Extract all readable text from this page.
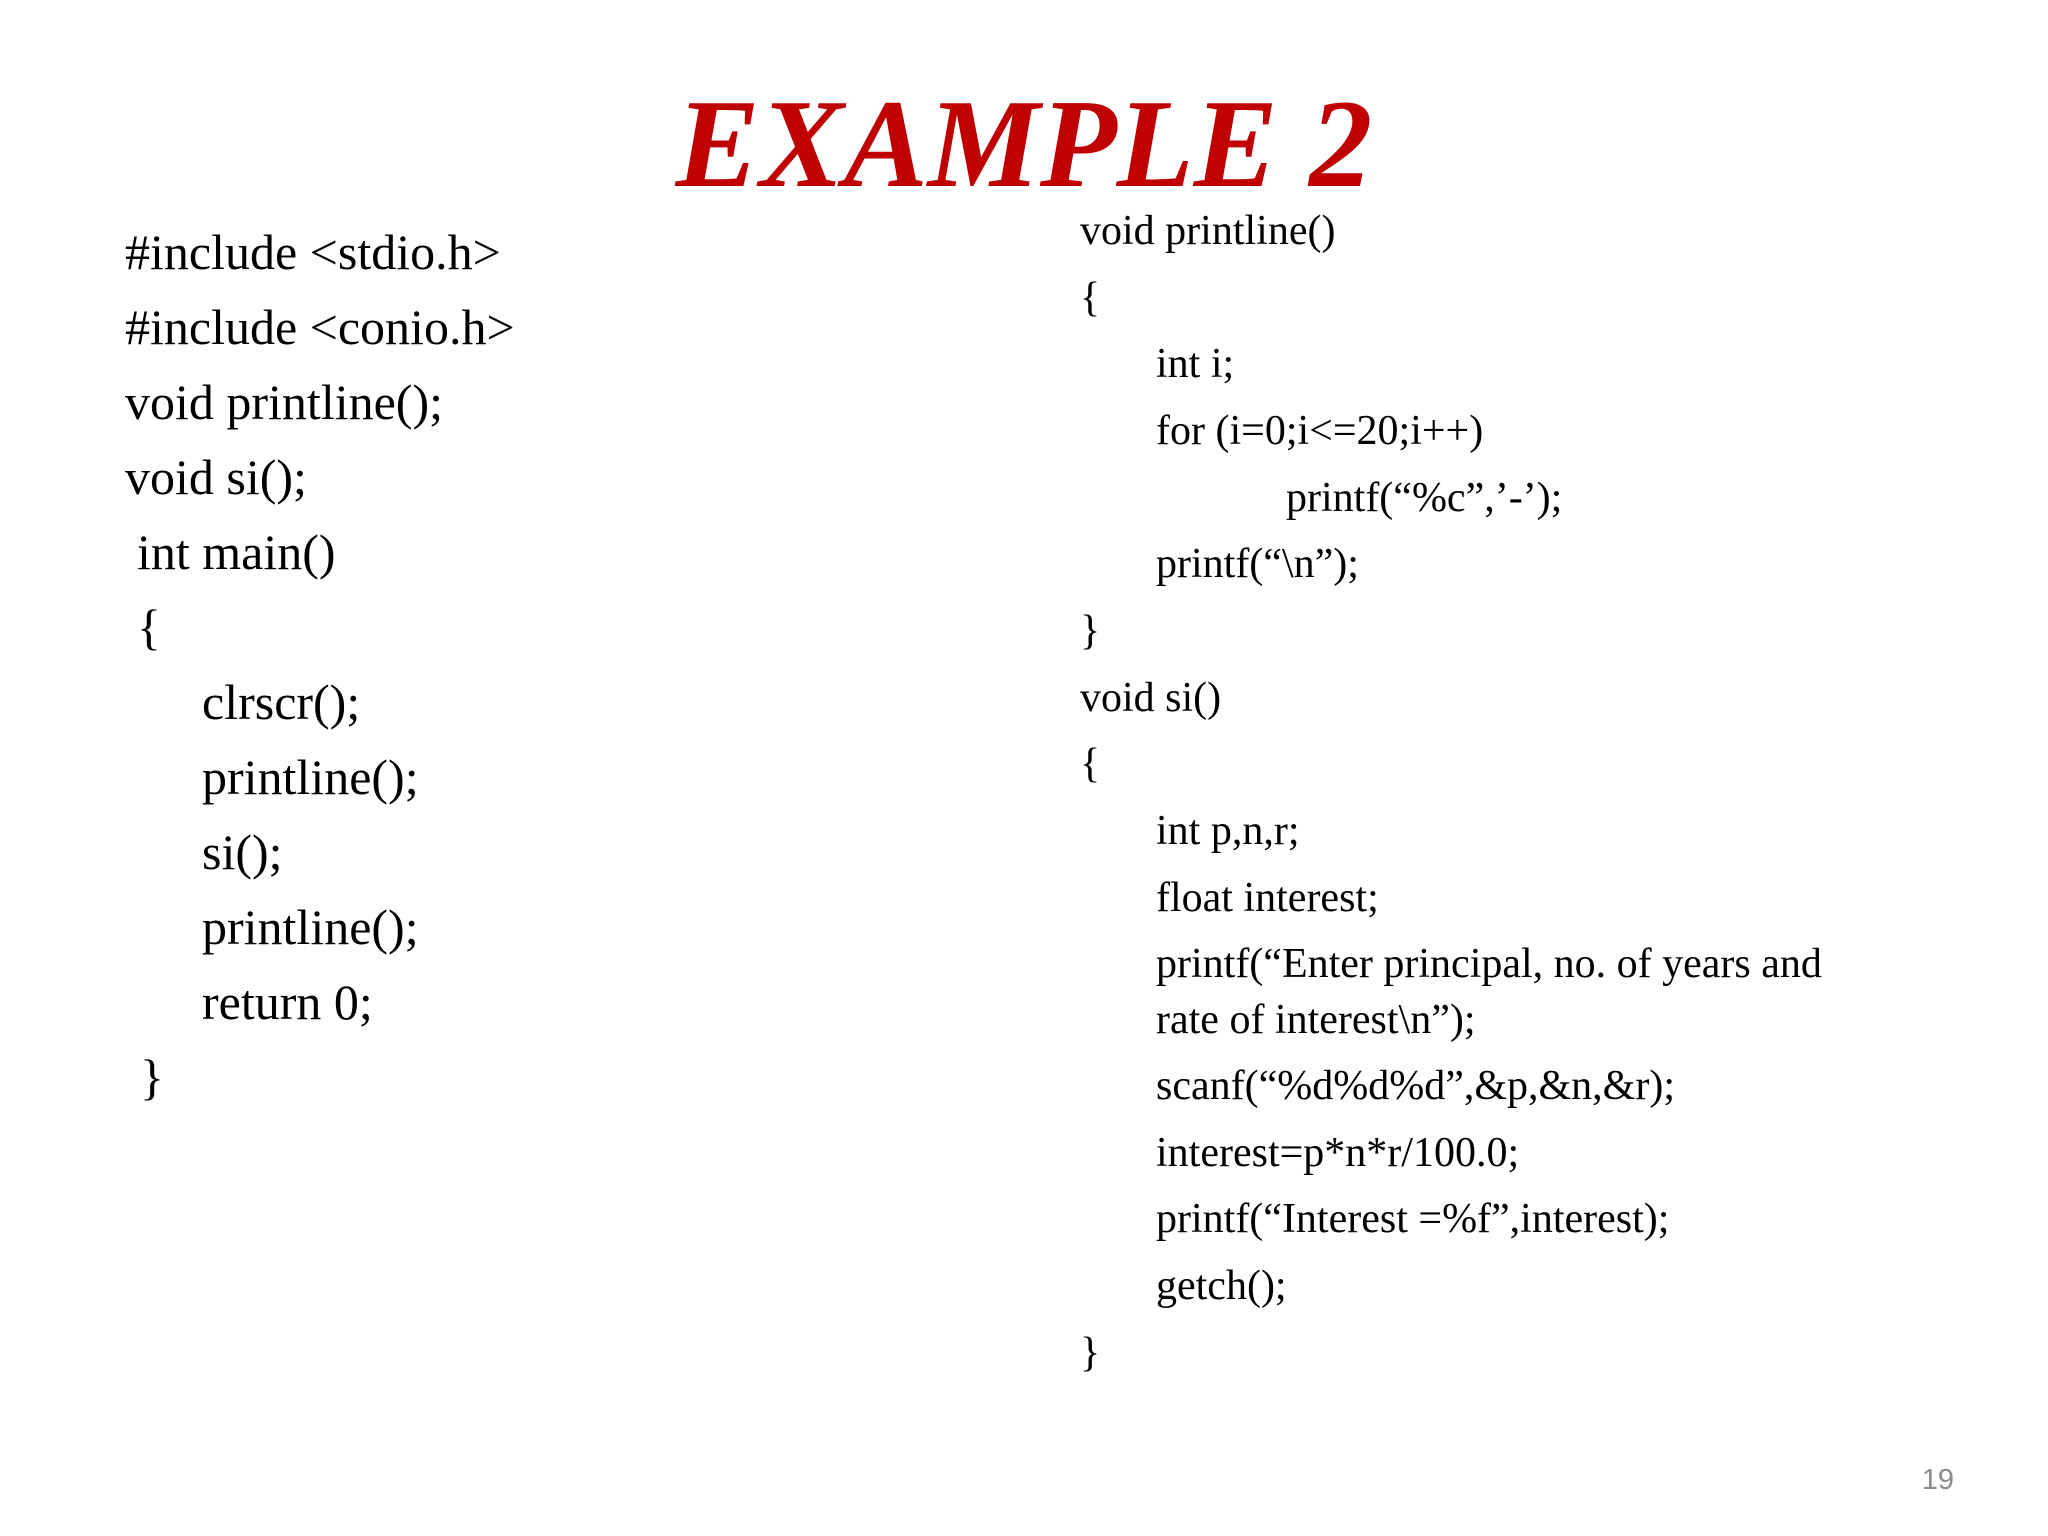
EXAMPLE 2
#include <stdio.h>
#include <conio.h>
void printline();
void si();
int main()
{
clrscr();
printline();
si();
printline();
return 0;
}
void printline()
{
int i;
for (i=0;i<=20;i++)
printf(“%c”,’-’);
printf(“\n”);
}
void si()
{
int p,n,r;
float interest;
printf(“Enter principal, no. of years and
rate of interest\n”);
scanf(“%d%d%d”,&p,&n,&r);
interest=p*n*r/100.0;
printf(“Interest =%f”,interest);
getch();
}
19
